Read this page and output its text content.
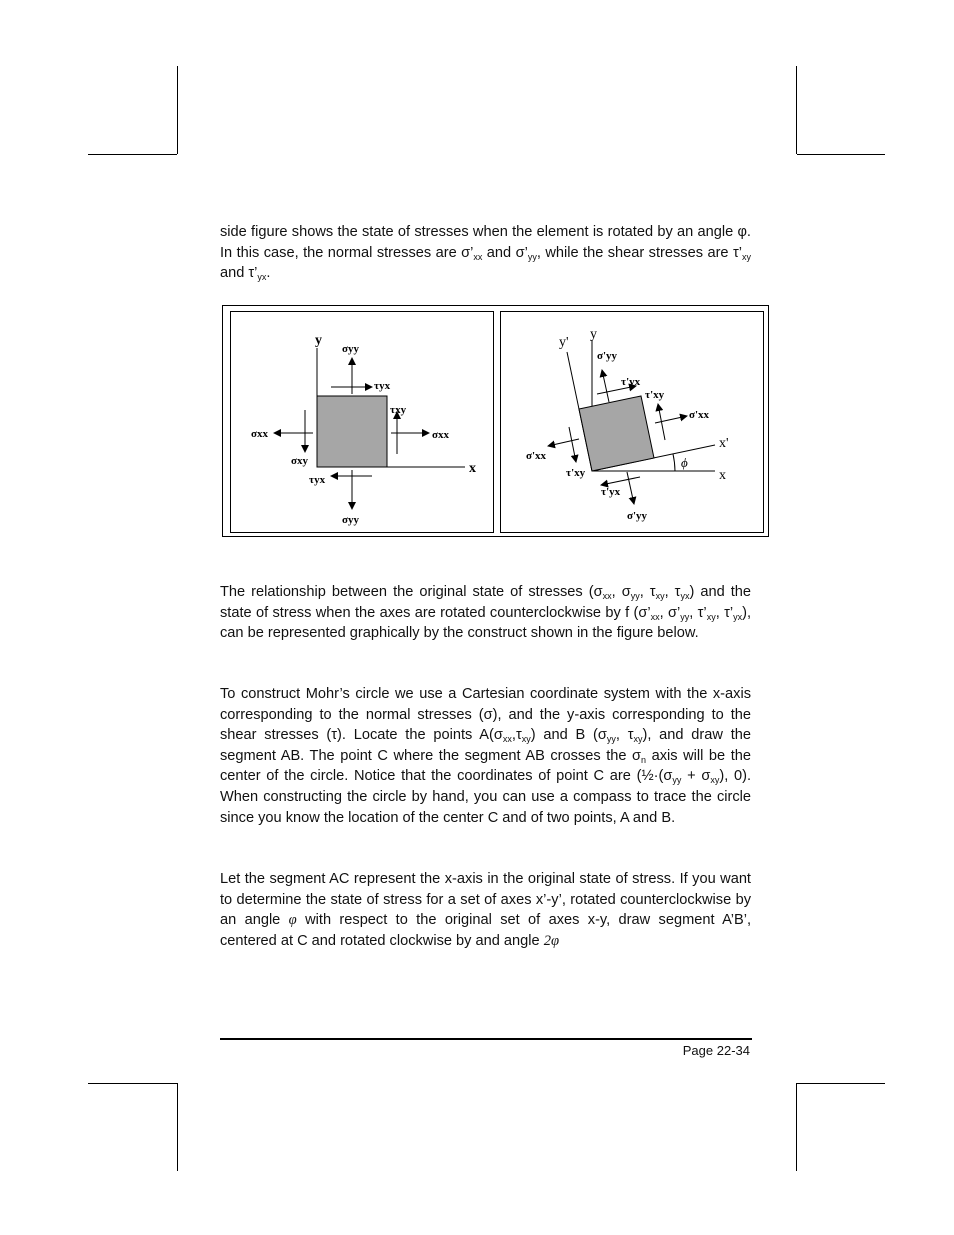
side figure shows the state of stresses when the element is rotated by an angle φ. In this case, the normal stresses are $\sigma’_{xx}$ and $\sigma’_{yy}$, while the shear stresses are $\tau’_{xy}$ and $\tau’_{yx}$.

y
x
σyy
τyx
τxy
σxx
σxx
σxy
τyx
σyy
y
x
y'
x'
ϕ
σ'yy
τ'yx
τ'xy
σ'xx
σ'xx
τ'xy
τ'yx
σ'yy

The relationship between the original state of stresses ($\sigma_{xx}$, $\sigma_{yy}$, $\tau_{xy}$, $\tau_{yx}$) and the state of stress when the axes are rotated counterclockwise by f ($\sigma’_{xx}$, $\sigma’_{yy}$, $\tau’_{xy}$, $\tau’_{yx}$), can be represented graphically by the construct shown in the figure below.

To construct Mohr’s circle we use a Cartesian coordinate system with the x-axis corresponding to the normal stresses (σ), and the y-axis corresponding to the shear stresses (τ). Locate the points $A(\sigma_{xx},\tau_{xy})$ and B ($\sigma_{yy}$, $\tau_{xy}$), and draw the segment AB. The point C where the segment AB crosses the $\sigma_n$ axis will be the center of the circle. Notice that the coordinates of point C are ($\frac{1}{2}\cdot(\sigma_{yy} + \sigma_{xy})$, 0). When constructing the circle by hand, you can use a compass to trace the circle since you know the location of the center C and of two points, A and B.

Let the segment AC represent the x-axis in the original state of stress. If you want to determine the state of stress for a set of axes x’-y’, rotated counterclockwise by an angle φ with respect to the original set of axes x-y, draw segment A’B’, centered at C and rotated clockwise by and angle 2φ

Page 22-34
